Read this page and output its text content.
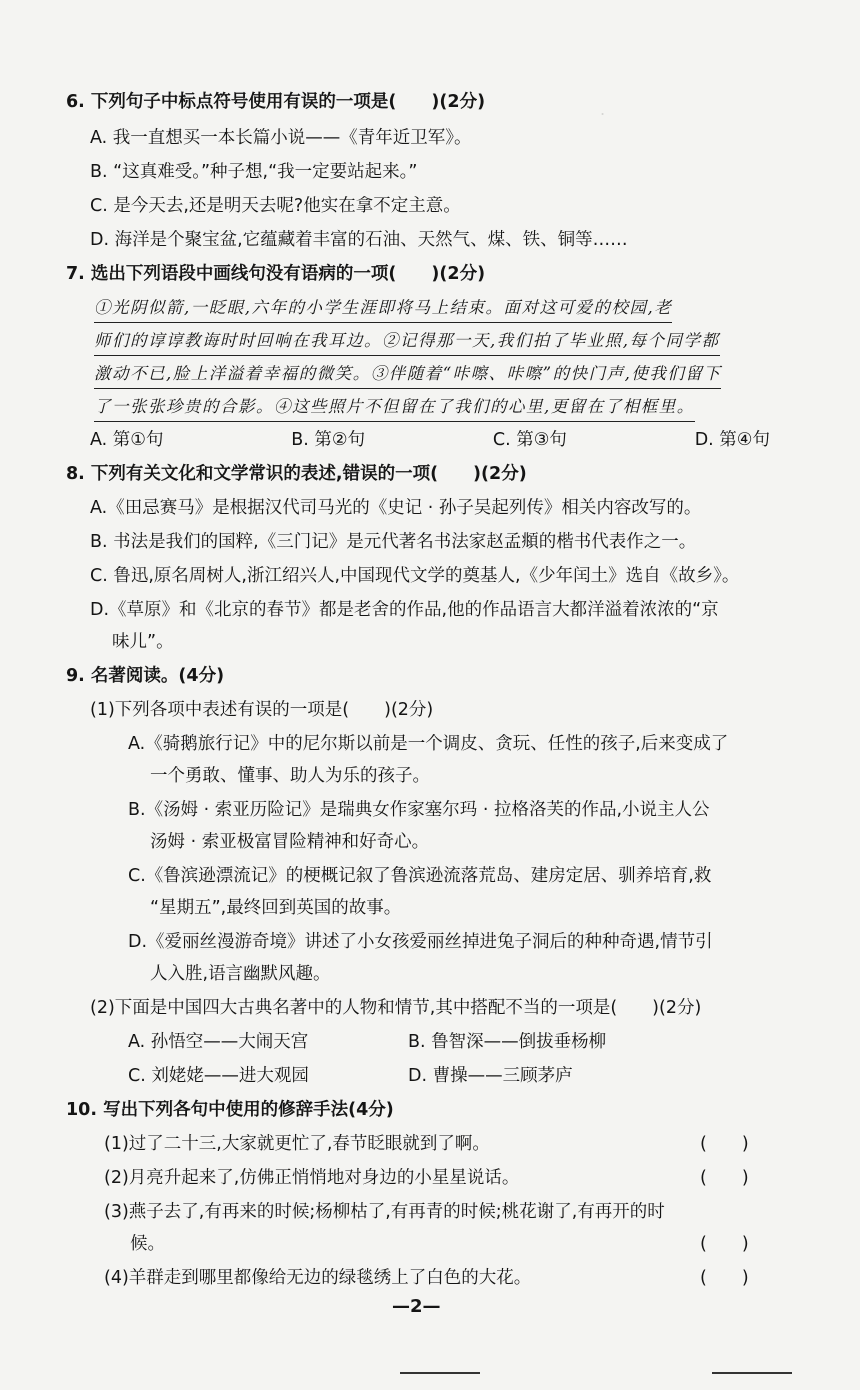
.
6. 下列句子中标点符号使用有误的一项是(　　)(2分)
A. 我一直想买一本长篇小说——《青年近卫军》。
B. “这真难受。”种子想,“我一定要站起来。”
C. 是今天去,还是明天去呢?他实在拿不定主意。
D. 海洋是个聚宝盆,它蕴藏着丰富的石油、天然气、煤、铁、铜等……
7. 选出下列语段中画线句没有语病的一项(　　)(2分)
①光阴似箭,一眨眼,六年的小学生涯即将马上结束。面对这可爱的校园,老
师们的谆谆教诲时时回响在我耳边。②记得那一天,我们拍了毕业照,每个同学都
激动不已,脸上洋溢着幸福的微笑。③伴随着“咔嚓、咔嚓”的快门声,使我们留下
了一张张珍贵的合影。④这些照片不但留在了我们的心里,更留在了相框里。
A. 第①句	B. 第②句	C. 第③句	D. 第④句
8. 下列有关文化和文学常识的表述,错误的一项(　　)(2分)
A.《田忌赛马》是根据汉代司马光的《史记 · 孙子吴起列传》相关内容改写的。
B. 书法是我们的国粹,《三门记》是元代著名书法家赵孟頫的楷书代表作之一。
C. 鲁迅,原名周树人,浙江绍兴人,中国现代文学的奠基人,《少年闰土》选自《故乡》。
D.《草原》和《北京的春节》都是老舍的作品,他的作品语言大都洋溢着浓浓的“京
味儿”。
9. 名著阅读。(4分)
(1)下列各项中表述有误的一项是(　　)(2分)
A.《骑鹅旅行记》中的尼尔斯以前是一个调皮、贪玩、任性的孩子,后来变成了
一个勇敢、懂事、助人为乐的孩子。
B.《汤姆 · 索亚历险记》是瑞典女作家塞尔玛 · 拉格洛芙的作品,小说主人公
汤姆 · 索亚极富冒险精神和好奇心。
C.《鲁滨逊漂流记》的梗概记叙了鲁滨逊流落荒岛、建房定居、驯养培育,救
“星期五”,最终回到英国的故事。
D.《爱丽丝漫游奇境》讲述了小女孩爱丽丝掉进兔子洞后的种种奇遇,情节引
人入胜,语言幽默风趣。
(2)下面是中国四大古典名著中的人物和情节,其中搭配不当的一项是(　　)(2分)
A. 孙悟空——大闹天宫	B. 鲁智深——倒拔垂杨柳
C. 刘姥姥——进大观园	D. 曹操——三顾茅庐
10. 写出下列各句中使用的修辞手法(4分)
(1)过了二十三,大家就更忙了,春节眨眼就到了啊。	(　　)
(2)月亮升起来了,仿佛正悄悄地对身边的小星星说话。	(　　)
(3)燕子去了,有再来的时候;杨柳枯了,有再青的时候;桃花谢了,有再开的时
候。	(　　)
(4)羊群走到哪里都像给无边的绿毯绣上了白色的大花。	(　　)
—2—
